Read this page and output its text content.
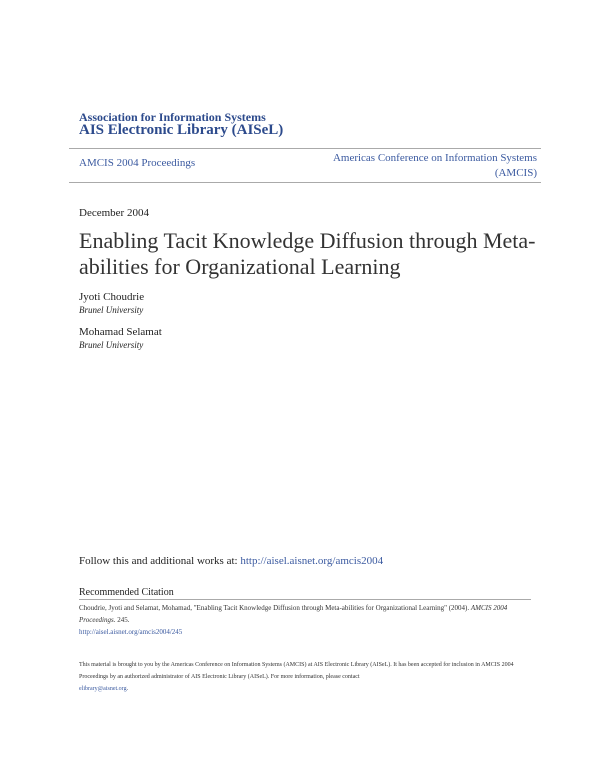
Association for Information Systems
AIS Electronic Library (AISeL)
AMCIS 2004 Proceedings	Americas Conference on Information Systems
(AMCIS)
December 2004
Enabling Tacit Knowledge Diffusion through Meta-abilities for Organizational Learning
Jyoti Choudrie
Brunel University
Mohamad Selamat
Brunel University
Follow this and additional works at: http://aisel.aisnet.org/amcis2004
Recommended Citation
Choudrie, Jyoti and Selamat, Mohamad, "Enabling Tacit Knowledge Diffusion through Meta-abilities for Organizational Learning" (2004). AMCIS 2004 Proceedings. 245.
http://aisel.aisnet.org/amcis2004/245
This material is brought to you by the Americas Conference on Information Systems (AMCIS) at AIS Electronic Library (AISeL). It has been accepted for inclusion in AMCIS 2004 Proceedings by an authorized administrator of AIS Electronic Library (AISeL). For more information, please contact
elibrary@aisnet.org.
